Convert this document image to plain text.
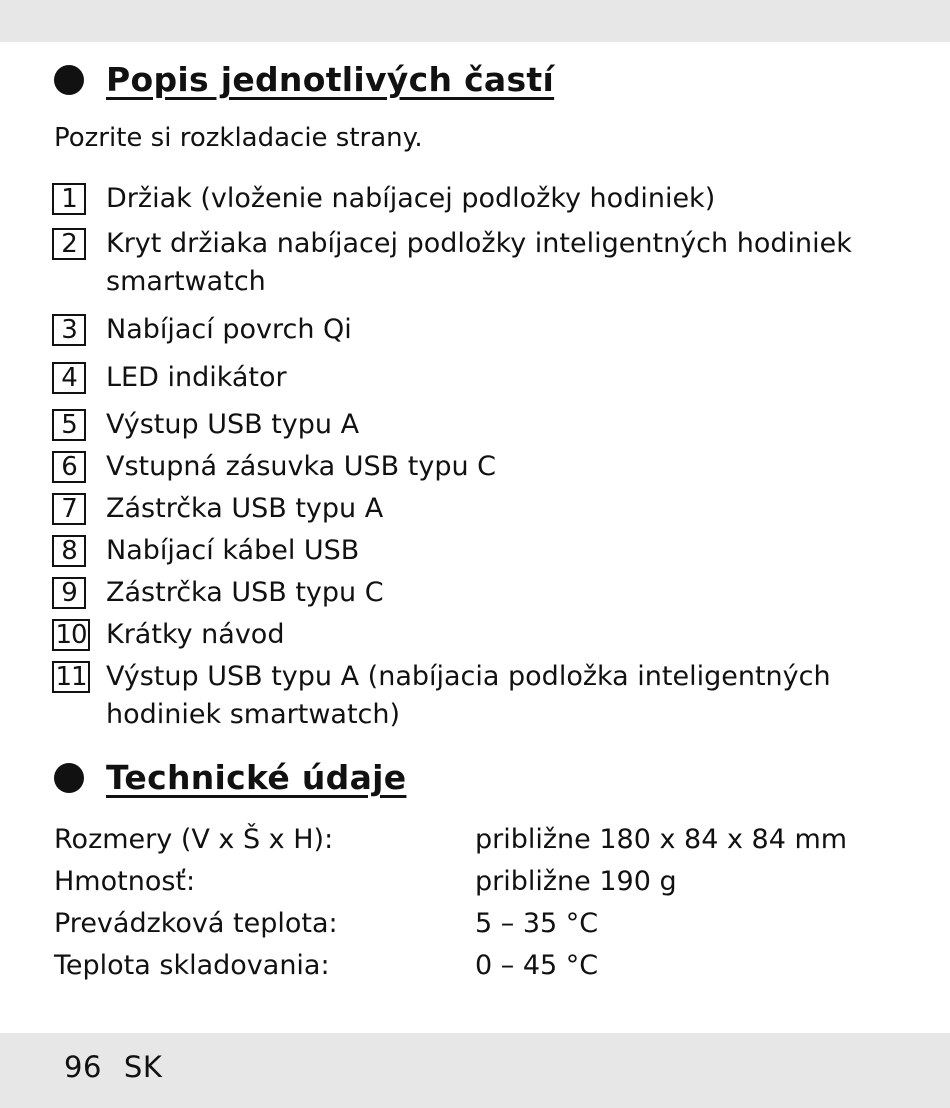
Popis jednotlivých častí
Pozrite si rozkladacie strany.
1	Držiak (vloženie nabíjacej podložky hodiniek)
2	Kryt držiaka nabíjacej podložky inteligentných hodiniek smartwatch
3	Nabíjací povrch Qi
4	LED indikátor
5	Výstup USB typu A
6	Vstupná zásuvka USB typu C
7	Zástrčka USB typu A
8	Nabíjací kábel USB
9	Zástrčka USB typu C
10 Krátky návod
11 Výstup USB typu A (nabíjacia podložka inteligentných hodiniek smartwatch)
Technické údaje
Rozmery (V x Š x H):	približne 180 x 84 x 84 mm
Hmotnosť:	približne 190 g
Prevádzková teplota:	5 – 35 °C
Teplota skladovania:	0 – 45 °C
96 SK
